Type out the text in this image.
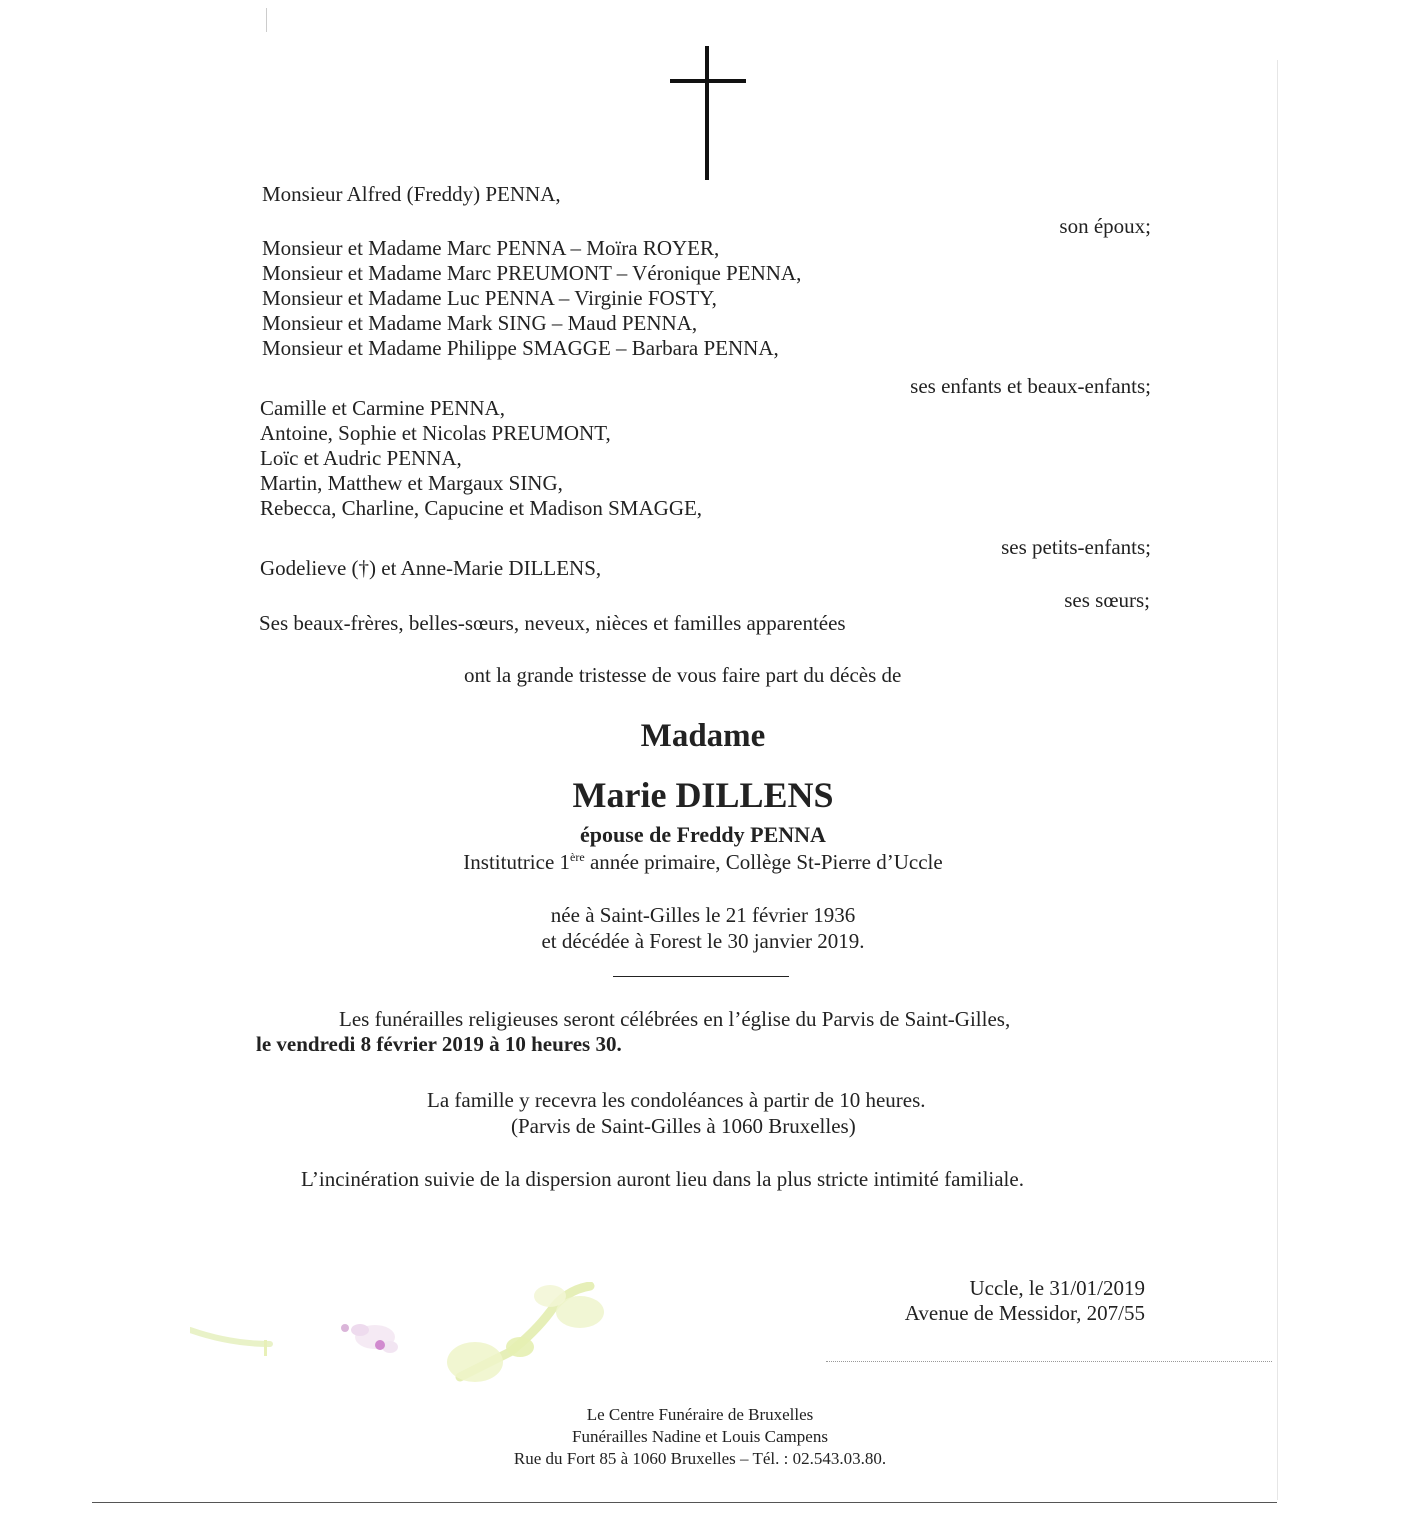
Monsieur Alfred (Freddy) PENNA,
son époux;
Monsieur et Madame Marc PENNA – Moïra ROYER,
Monsieur et Madame Marc PREUMONT – Véronique PENNA,
Monsieur et Madame Luc PENNA – Virginie FOSTY,
Monsieur et Madame Mark SING – Maud PENNA,
Monsieur et Madame Philippe SMAGGE – Barbara PENNA,
ses enfants et beaux-enfants;
Camille et Carmine PENNA,
Antoine, Sophie et Nicolas PREUMONT,
Loïc et Audric PENNA,
Martin, Matthew et Margaux SING,
Rebecca, Charline, Capucine et Madison SMAGGE,
ses petits-enfants;
Godelieve (†) et Anne-Marie DILLENS,
ses sœurs;
Ses beaux-frères, belles-sœurs, neveux, nièces et familles apparentées
ont la grande tristesse de vous faire part du décès de
Madame
Marie DILLENS
épouse de Freddy PENNA
Institutrice 1ère année primaire, Collège St-Pierre d’Uccle
née à Saint-Gilles le 21 février 1936
et décédée à Forest le 30 janvier 2019.
Les funérailles religieuses seront célébrées en l’église du Parvis de Saint-Gilles,
le vendredi 8 février 2019 à 10 heures 30.
La famille y recevra les condoléances à partir de 10 heures.
(Parvis de Saint-Gilles à 1060 Bruxelles)
L’incinération suivie de la dispersion auront lieu dans la plus stricte intimité familiale.
Uccle, le 31/01/2019
Avenue de Messidor, 207/55
Le Centre Funéraire de Bruxelles
Funérailles Nadine et Louis Campens
Rue du Fort 85 à 1060 Bruxelles – Tél. : 02.543.03.80.
